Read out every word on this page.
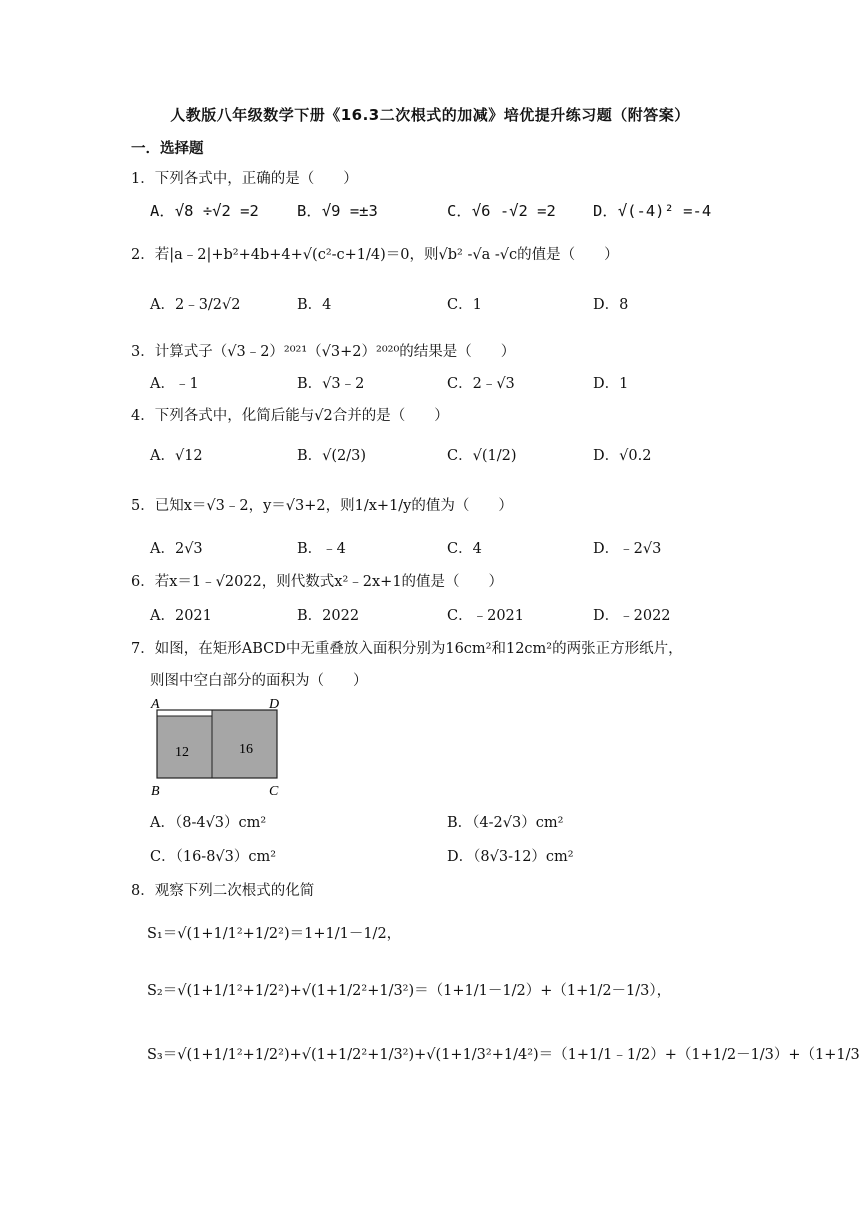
人教版八年级数学下册《16.3二次根式的加减》培优提升练习题（附答案）
一．选择题
1．下列各式中，正确的是（　　）
A．√8 ÷√2 =2 B．√9 =±3	C．√6 -√2 =2 D．√(-4)² =-4
2．若|a﹣2|+b²+4b+4+√(c²-c+1/4)＝0，则√b² -√a -√c的值是（　　）
A．2﹣3/2√2	B．4	C．1	D．8
3．计算式子（√3﹣2）²⁰²¹（√3+2）²⁰²⁰的结果是（　　）
A．﹣1	B．√3﹣2	C．2﹣√3	D．1
4．下列各式中，化简后能与√2合并的是（　　）
A．√12	B．√(2/3)	C．√(1/2)	D．√0.2
5．已知x＝√3﹣2，y＝√3+2，则1/x+1/y的值为（　　）
A．2√3	B．﹣4	C．4	D．﹣2√3
6．若x＝1﹣√2022，则代数式x²﹣2x+1的值是（　　）
A．2021	B．2022	C．﹣2021	D．﹣2022
7．如图，在矩形ABCD中无重叠放入面积分别为16cm²和12cm²的两张正方形纸片，
则图中空白部分的面积为（　　）
12	16
A	D
B	C
A．（8-4√3）cm²	B．（4-2√3）cm²
C．（16-8√3）cm²	D．（8√3-12）cm²
8．观察下列二次根式的化简
S₁＝√(1+1/1²+1/2²)＝1+1/1－1/2，
S₂＝√(1+1/1²+1/2²)+√(1+1/2²+1/3²)＝（1+1/1－1/2）+（1+1/2－1/3），
S₃＝√(1+1/1²+1/2²)+√(1+1/2²+1/3²)+√(1+1/3²+1/4²)＝（1+1/1﹣1/2）+（1+1/2－1/3）+（1+1/3
